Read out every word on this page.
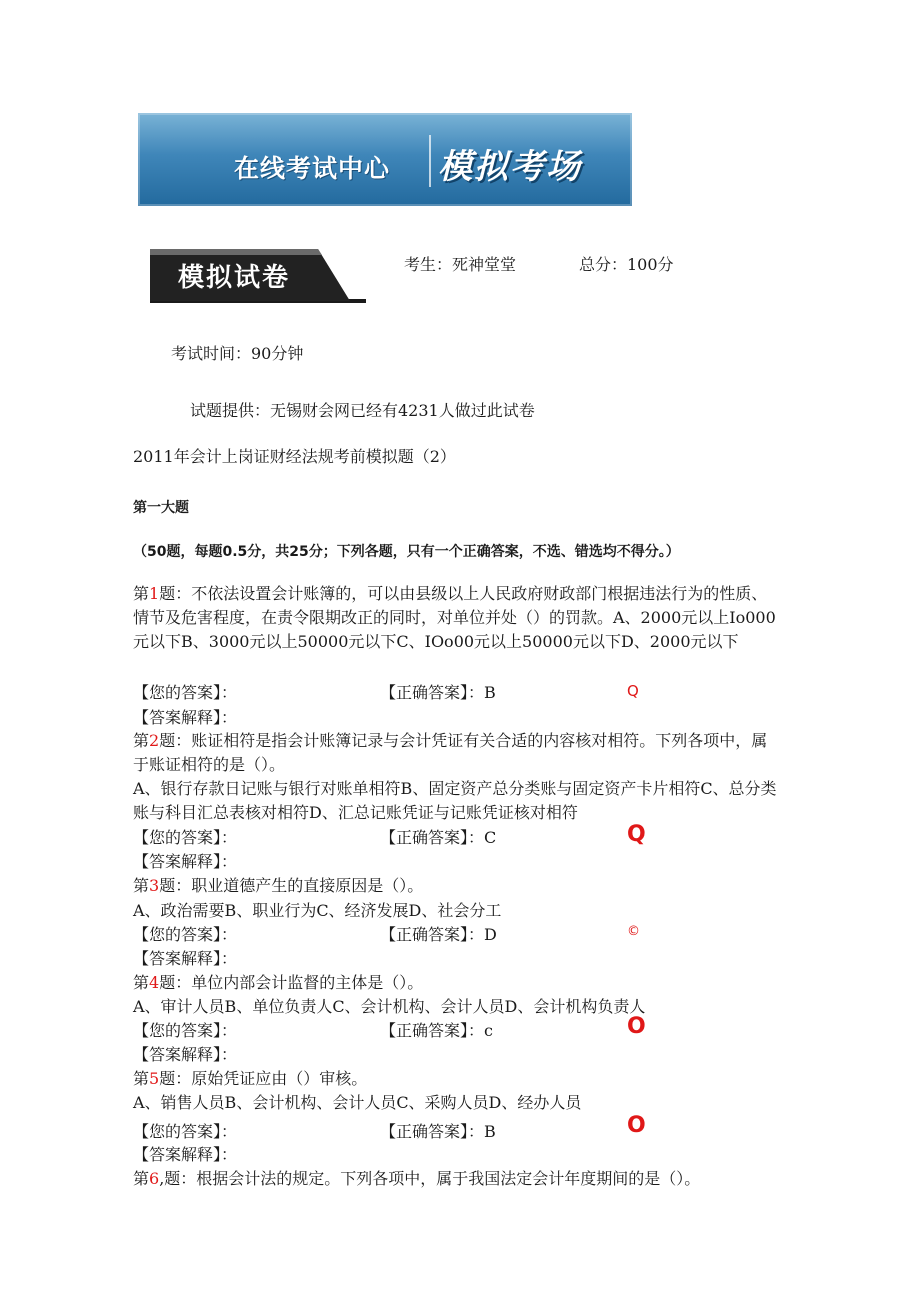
在线考试中心 模拟考场
模拟试卷	考生：死神堂堂	总分：100分
考试时间：90分钟
试题提供：无锡财会网已经有4231人做过此试卷
2011年会计上岗证财经法规考前模拟题（2）
第一大题
（50题，每题0.5分，共25分；下列各题，只有一个正确答案，不选、错选均不得分。）
第1题：不依法设置会计账簿的，可以由县级以上人民政府财政部门根据违法行为的性质、情节及危害程度，在责令限期改正的同时，对单位并处（）的罚款。A、2000元以上Io000元以下B、3000元以上50000元以下C、IOo00元以上50000元以下D、2000元以下
【您的答案】：	【正确答案】：B	Q
【答案解释】：
第2题：账证相符是指会计账簿记录与会计凭证有关合适的内容核对相符。下列各项中，属于账证相符的是（）。
A、银行存款日记账与银行对账单相符B、固定资产总分类账与固定资产卡片相符C、总分类账与科目汇总表核对相符D、汇总记账凭证与记账凭证核对相符
【您的答案】：	【正确答案】：C	Q
【答案解释】：
第3题：职业道德产生的直接原因是（）。
A、政治需要B、职业行为C、经济发展D、社会分工
【您的答案】：	【正确答案】：D	©
【答案解释】：
第4题：单位内部会计监督的主体是（）。
A、审计人员B、单位负责人C、会计机构、会计人员D、会计机构负责人
【您的答案】：	【正确答案】：c	O
【答案解释】：
第5题：原始凭证应由（）审核。
A、销售人员B、会计机构、会计人员C、采购人员D、经办人员
【您的答案】：	【正确答案】：B	O
【答案解释】：
第6,题：根据会计法的规定。下列各项中，属于我国法定会计年度期间的是（）。
